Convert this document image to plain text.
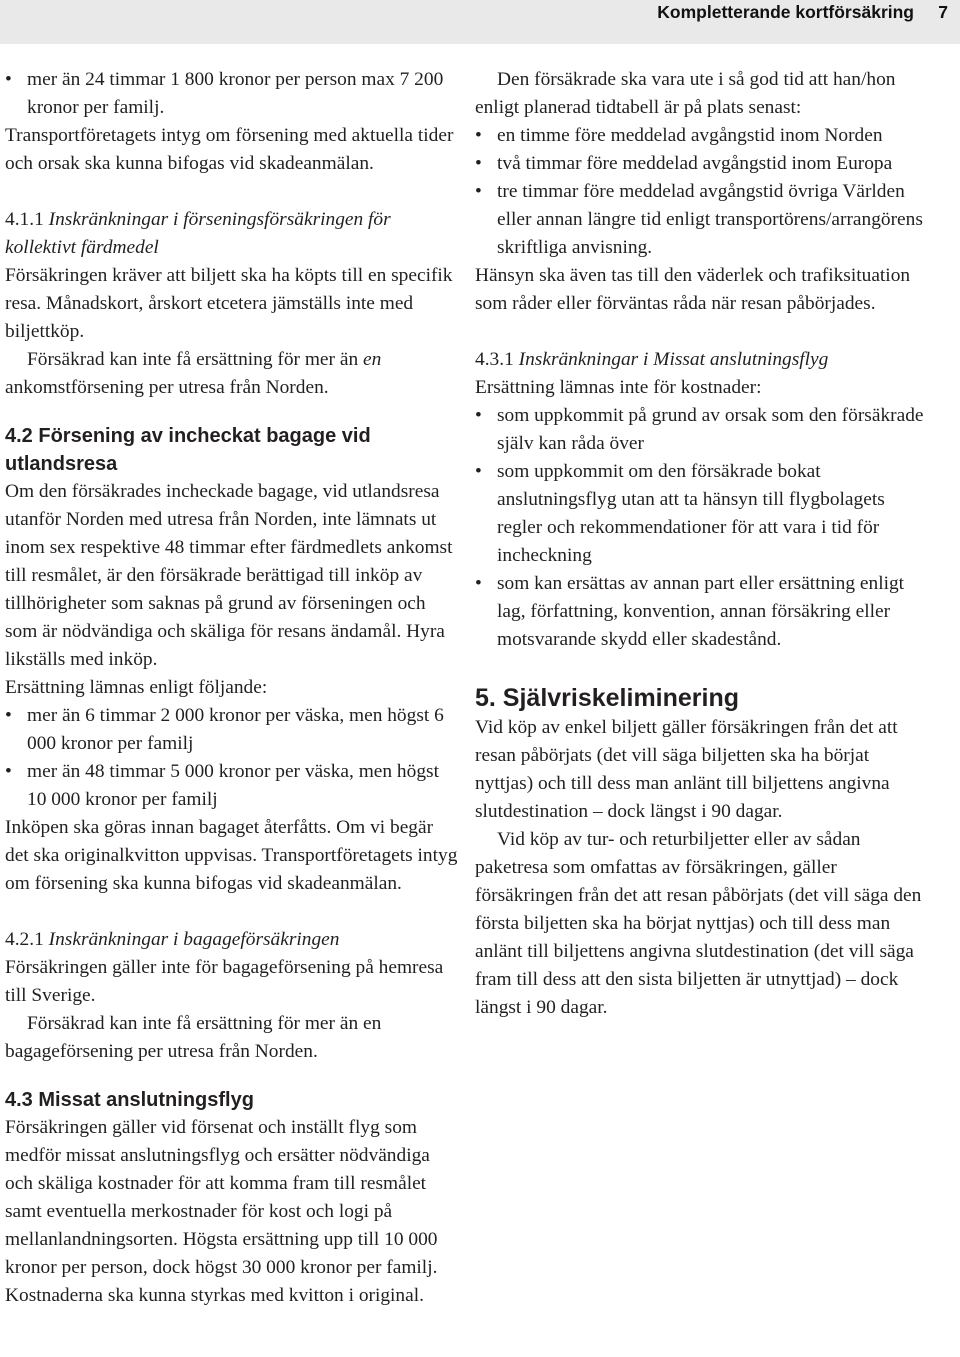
Kompletterande kortförsäkring 7
• mer än 24 timmar 1 800 kronor per person max 7 200 kronor per familj.

Transportföretagets intyg om försening med aktuella tider och orsak ska kunna bifogas vid skadeanmälan.

4.1.1 Inskränkningar i förseningsförsäkringen för kollektivt färdmedel

Försäkringen kräver att biljett ska ha köpts till en specifik resa. Månadskort, årskort etcetera jämställs inte med biljettköp.

Försäkrad kan inte få ersättning för mer än en ankomstförsening per utresa från Norden.

4.2 Försening av incheckat bagage vid utlandsresa

Om den försäkrades incheckade bagage, vid utlandsresa utanför Norden med utresa från Norden, inte lämnats ut inom sex respektive 48 timmar efter färdmedlets ankomst till resmålet, är den försäkrade berättigad till inköp av tillhörigheter som saknas på grund av förseningen och som är nödvändiga och skäliga för resans ändamål. Hyra likställs med inköp.

Ersättning lämnas enligt följande:

• mer än 6 timmar 2 000 kronor per väska, men högst 6 000 kronor per familj
• mer än 48 timmar 5 000 kronor per väska, men högst 10 000 kronor per familj

Inköpen ska göras innan bagaget återfåtts. Om vi begär det ska originalkvitton uppvisas. Transportföretagets intyg om försening ska kunna bifogas vid skadeanmälan.

4.2.1 Inskränkningar i bagageförsäkringen

Försäkringen gäller inte för bagageförsening på hemresa till Sverige.

Försäkrad kan inte få ersättning för mer än en bagageförsening per utresa från Norden.

4.3 Missat anslutningsflyg

Försäkringen gäller vid försenat och inställt flyg som medför missat anslutningsflyg och ersätter nödvändiga och skäliga kostnader för att komma fram till resmålet samt eventuella merkostnader för kost och logi på mellanlandningsorten. Högsta ersättning upp till 10 000 kronor per person, dock högst 30 000 kronor per familj. Kostnaderna ska kunna styrkas med kvitton i original.

Den försäkrade ska vara ute i så god tid att han/hon enligt planerad tidtabell är på plats senast:

• en timme före meddelad avgångstid inom Norden
• två timmar före meddelad avgångstid inom Europa
• tre timmar före meddelad avgångstid övriga Världen eller annan längre tid enligt transportörens/arrangörens skriftliga anvisning.

Hänsyn ska även tas till den väderlek och trafiksituation som råder eller förväntas råda när resan påbörjades.

4.3.1 Inskränkningar i Missat anslutningsflyg

Ersättning lämnas inte för kostnader:

• som uppkommit på grund av orsak som den försäkrade själv kan råda över
• som uppkommit om den försäkrade bokat anslutningsflyg utan att ta hänsyn till flygbolagets regler och rekommendationer för att vara i tid för incheckning
• som kan ersättas av annan part eller ersättning enligt lag, författning, konvention, annan försäkring eller motsvarande skydd eller skadestånd.
5. Självriskeliminering

Vid köp av enkel biljett gäller försäkringen från det att resan påbörjats (det vill säga biljetten ska ha börjat nyttjas) och till dess man anlänt till biljettens angivna slutdestination – dock längst i 90 dagar.

Vid köp av tur- och returbiljetter eller av sådan paketresa som omfattas av försäkringen, gäller försäkringen från det att resan påbörjats (det vill säga den första biljetten ska ha börjat nyttjas) och till dess man anlänt till biljettens angivna slutdestination (det vill säga fram till dess att den sista biljetten är utnyttjad) – dock längst i 90 dagar.
